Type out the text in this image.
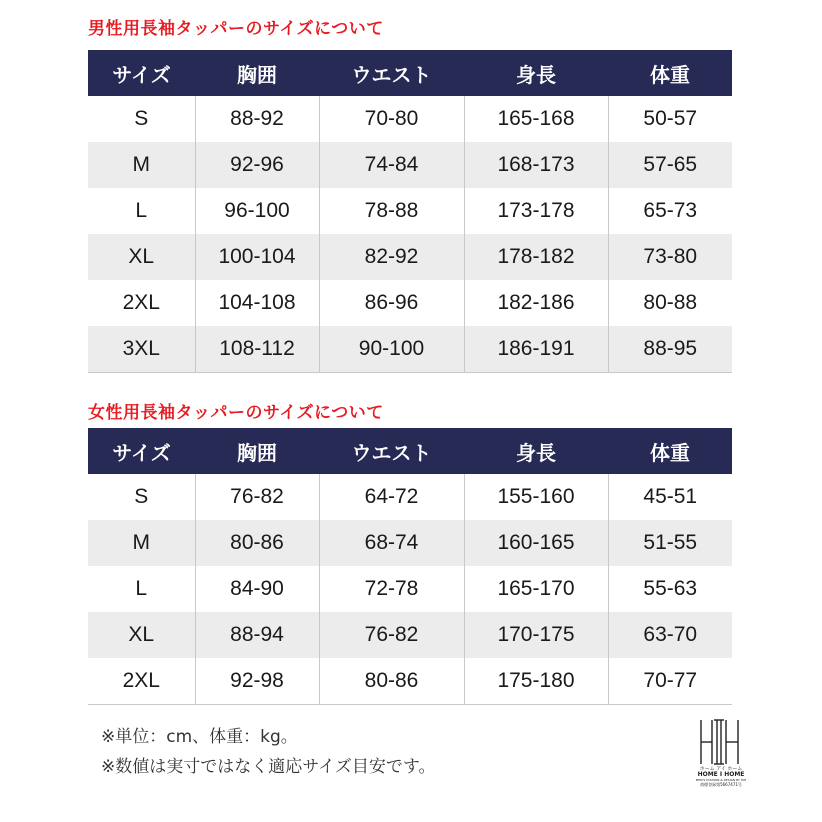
男性用長袖タッパーのサイズについて
サイズ	胸囲	ウエスト	身長	体重
S	88-92	70-80	165-168	50-57
M	92-96	74-84	168-173	57-65
L	96-100	78-88	173-178	65-73
XL	100-104	82-92	178-182	73-80
2XL	104-108	86-96	182-186	80-88
3XL	108-112	90-100	186-191	88-95
女性用長袖タッパーのサイズについて
サイズ	胸囲	ウエスト	身長	体重
S	76-82	64-72	155-160	45-51
M	80-86	68-74	160-165	51-55
L	84-90	72-78	165-170	55-63
XL	88-94	76-82	170-175	63-70
2XL	92-98	80-86	175-180	70-77
※単位：cm、体重：kg。
※数値は実寸ではなく適応サイズ目安です。	ホーム アイ ホーム
HOME I HOME
MEN'S FASHION & DESIGN BY HIH
商標登録第5667471号
